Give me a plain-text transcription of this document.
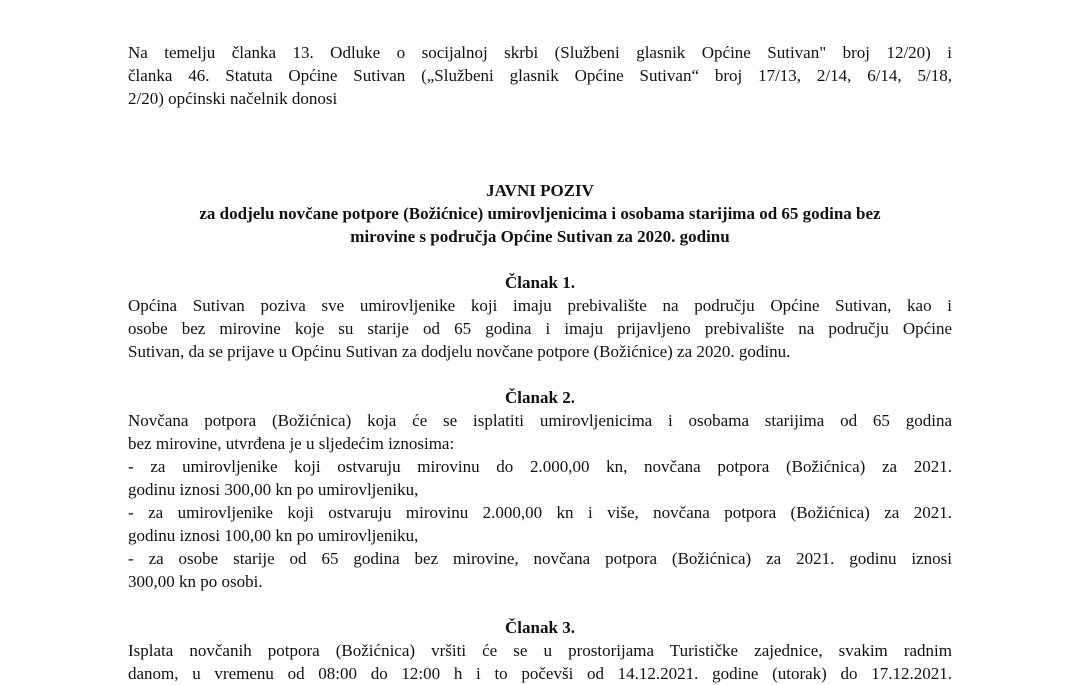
Na temelju članka 13. Odluke o socijalnoj skrbi (Službeni glasnik Općine Sutivan" broj 12/20) i
članka 46. Statuta Općine Sutivan („Službeni glasnik Općine Sutivan“ broj 17/13, 2/14, 6/14, 5/18,
2/20) općinski načelnik donosi
JAVNI POZIV
za dodjelu novčane potpore (Božićnice) umirovljenicima i osobama starijima od 65 godina bez
mirovine s područja Općine Sutivan za 2020. godinu
Članak 1.
Općina Sutivan poziva sve umirovljenike koji imaju prebivalište na području Općine Sutivan, kao i
osobe bez mirovine koje su starije od 65 godina i imaju prijavljeno prebivalište na području Općine
Sutivan, da se prijave u Općinu Sutivan za dodjelu novčane potpore (Božićnice) za 2020. godinu.
Članak 2.
Novčana potpora (Božićnica) koja će se isplatiti umirovljenicima i osobama starijima od 65 godina
bez mirovine, utvrđena je u sljedećim iznosima:
- za umirovljenike koji ostvaruju mirovinu do 2.000,00 kn, novčana potpora (Božićnica) za 2021.
godinu iznosi 300,00 kn po umirovljeniku,
- za umirovljenike koji ostvaruju mirovinu 2.000,00 kn i više, novčana potpora (Božićnica) za 2021.
godinu iznosi 100,00 kn po umirovljeniku,
- za osobe starije od 65 godina bez mirovine, novčana potpora (Božićnica) za 2021. godinu iznosi
300,00 kn po osobi.
Članak 3.
Isplata novčanih potpora (Božićnica) vršiti će se u prostorijama Turističke zajednice, svakim radnim
danom, u vremenu od 08:00 do 12:00 h i to počevši od 14.12.2021. godine (utorak) do 17.12.2021.
